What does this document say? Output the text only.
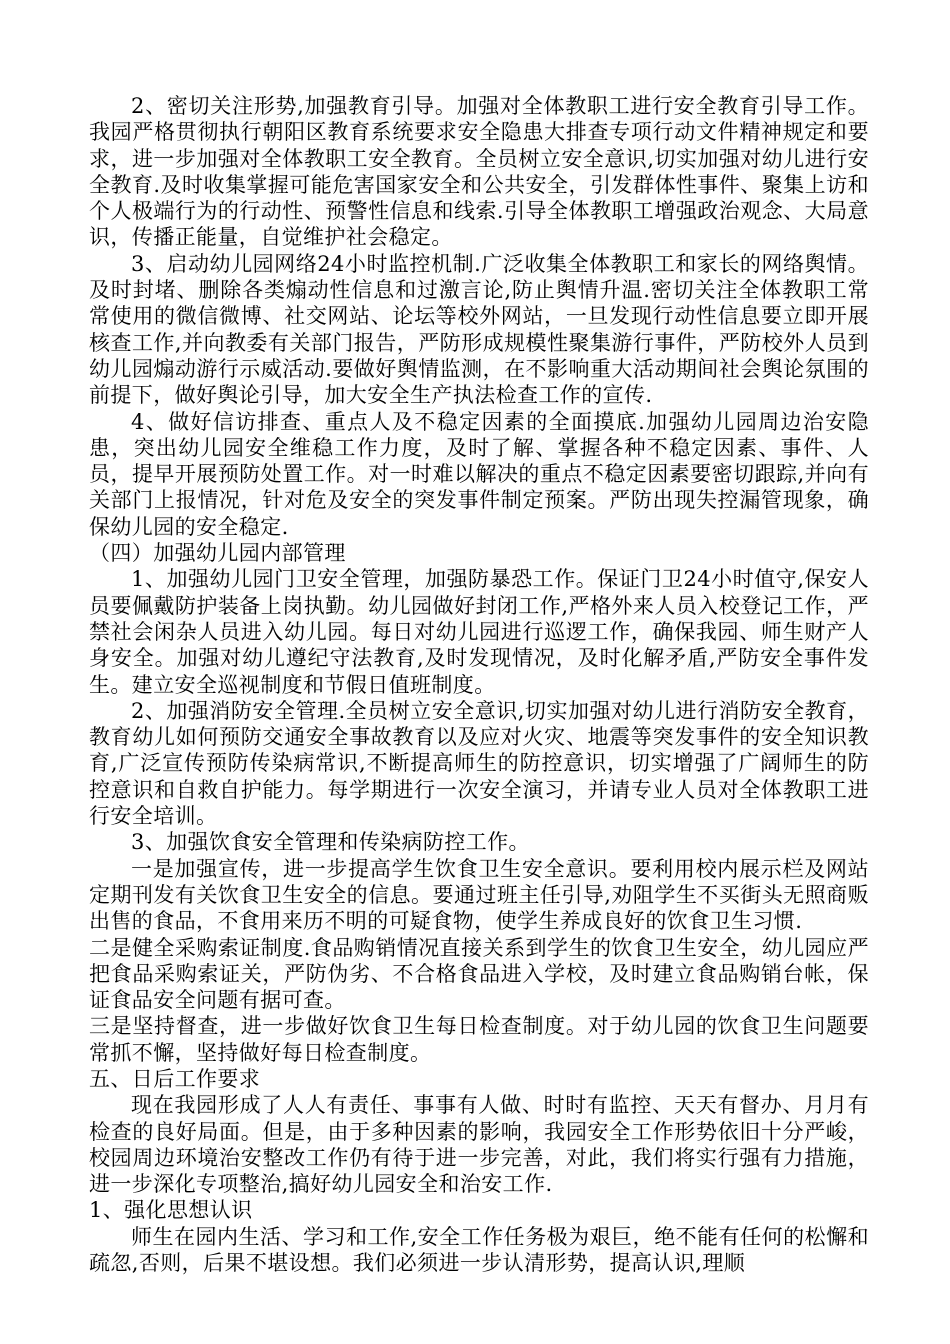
2、密切关注形势,加强教育引导。加强对全体教职工进行安全教育引导工作。我园严格贯彻执行朝阳区教育系统要求安全隐患大排查专项行动文件精神规定和要求，进一步加强对全体教职工安全教育。全员树立安全意识,切实加强对幼儿进行安全教育.及时收集掌握可能危害国家安全和公共安全，引发群体性事件、聚集上访和个人极端行为的行动性、预警性信息和线索.引导全体教职工增强政治观念、大局意识，传播正能量，自觉维护社会稳定。

3、启动幼儿园网络24小时监控机制.广泛收集全体教职工和家长的网络舆情。及时封堵、删除各类煽动性信息和过激言论,防止舆情升温.密切关注全体教职工常常使用的微信微博、社交网站、论坛等校外网站，一旦发现行动性信息要立即开展核查工作,并向教委有关部门报告，严防形成规模性聚集游行事件，严防校外人员到幼儿园煽动游行示威活动.要做好舆情监测，在不影响重大活动期间社会舆论氛围的前提下，做好舆论引导，加大安全生产执法检查工作的宣传.

4、做好信访排查、重点人及不稳定因素的全面摸底.加强幼儿园周边治安隐患，突出幼儿园安全维稳工作力度，及时了解、掌握各种不稳定因素、事件、人员，提早开展预防处置工作。对一时难以解决的重点不稳定因素要密切跟踪,并向有关部门上报情况，针对危及安全的突发事件制定预案。严防出现失控漏管现象，确保幼儿园的安全稳定.

（四）加强幼儿园内部管理

1、加强幼儿园门卫安全管理，加强防暴恐工作。保证门卫24小时值守,保安人员要佩戴防护装备上岗执勤。幼儿园做好封闭工作,严格外来人员入校登记工作，严禁社会闲杂人员进入幼儿园。每日对幼儿园进行巡逻工作，确保我园、师生财产人身安全。加强对幼儿遵纪守法教育,及时发现情况，及时化解矛盾,严防安全事件发生。建立安全巡视制度和节假日值班制度。

2、加强消防安全管理.全员树立安全意识,切实加强对幼儿进行消防安全教育，教育幼儿如何预防交通安全事故教育以及应对火灾、地震等突发事件的安全知识教育,广泛宣传预防传染病常识,不断提高师生的防控意识，切实增强了广阔师生的防控意识和自救自护能力。每学期进行一次安全演习，并请专业人员对全体教职工进行安全培训。

3、加强饮食安全管理和传染病防控工作。

一是加强宣传，进一步提高学生饮食卫生安全意识。要利用校内展示栏及网站定期刊发有关饮食卫生安全的信息。要通过班主任引导,劝阻学生不买街头无照商贩出售的食品，不食用来历不明的可疑食物，使学生养成良好的饮食卫生习惯.

二是健全采购索证制度.食品购销情况直接关系到学生的饮食卫生安全，幼儿园应严把食品采购索证关，严防伪劣、不合格食品进入学校，及时建立食品购销台帐，保证食品安全问题有据可查。

三是坚持督查，进一步做好饮食卫生每日检查制度。对于幼儿园的饮食卫生问题要常抓不懈，坚持做好每日检查制度。

五、日后工作要求

现在我园形成了人人有责任、事事有人做、时时有监控、天天有督办、月月有检查的良好局面。但是，由于多种因素的影响，我园安全工作形势依旧十分严峻，校园周边环境治安整改工作仍有待于进一步完善，对此，我们将实行强有力措施，进一步深化专项整治,搞好幼儿园安全和治安工作.

1、强化思想认识

师生在园内生活、学习和工作,安全工作任务极为艰巨，绝不能有任何的松懈和疏忽,否则，后果不堪设想。我们必须进一步认清形势，提高认识,理顺
